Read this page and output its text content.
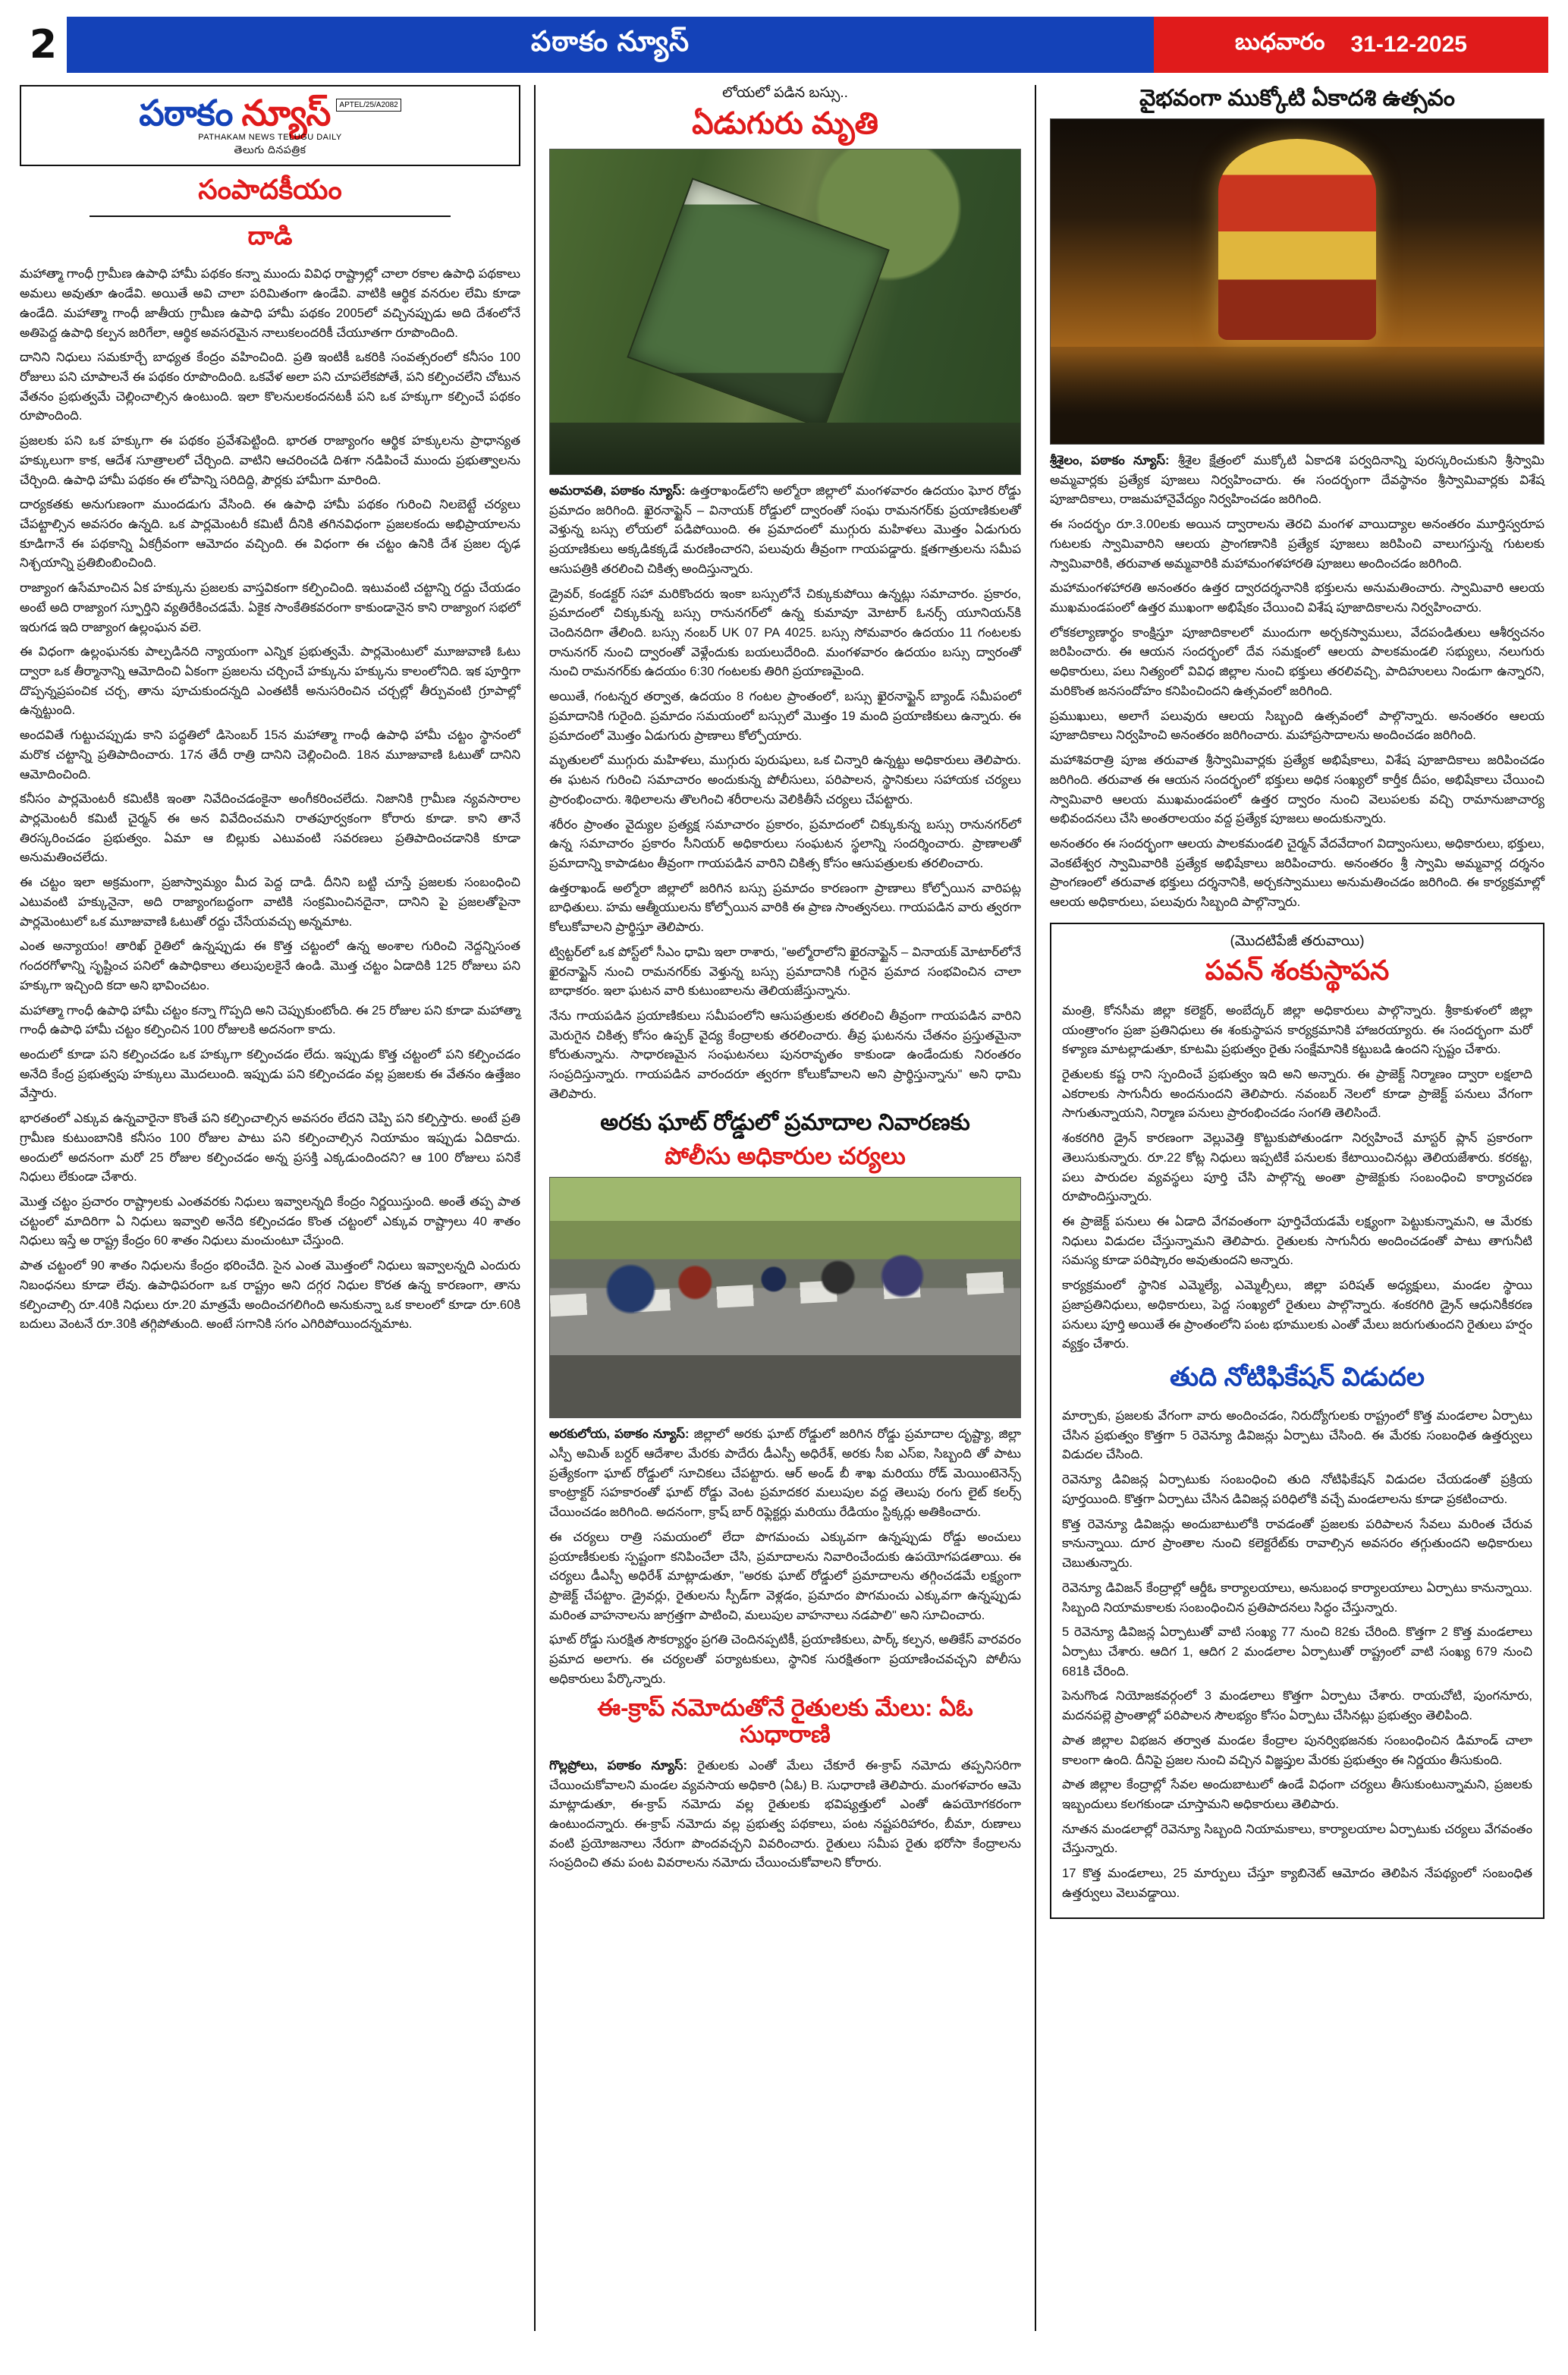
2	పఠాకం న్యూస్	బుధవారం 31-12-2025
పఠాకం న్యూస్	APTEL/25/A2082
PATHAKAM NEWS TELUGU DAILY
తెలుగు దినపత్రిక
సంపాదకీయం
దాడి

మహాత్మా గాంధీ గ్రామీణ ఉపాధి హామీ పథకం కన్నా ముందు వివిధ రాష్ట్రాల్లో చాలా రకాల ఉపాధి పథకాలు అమలు అవుతూ ఉండేవి. అయితే అవి చాలా పరిమితంగా ఉండేవి. వాటికి ఆర్థిక వనరుల లేమి కూడా ఉండేది. మహాత్మా గాంధీ జాతీయ గ్రామీణ ఉపాధి హామీ పథకం 2005లో వచ్చినప్పుడు అది దేశంలోనే అతిపెద్ద ఉపాధి కల్పన జరిగేలా, ఆర్థిక అవసరమైన నాలుకలందరికీ చేయూతగా రూపొందింది.

దానిని నిధులు సమకూర్చే బాధ్యత కేంద్రం వహించింది. ప్రతి ఇంటికీ ఒకరికి సంవత్సరంలో కనీసం 100 రోజులు పని చూపాలనే ఈ పథకం రూపొందింది. ఒకవేళ అలా పని చూపలేకపోతే, పని కల్పించలేని చోటున వేతనం ప్రభుత్వమే చెల్లించాల్సిన ఉంటుంది. ఇలా కొలనులకందనటకీ పని ఒక హక్కుగా కల్పించే పథకం రూపొందింది.

ప్రజలకు పని ఒక హక్కుగా ఈ పథకం ప్రవేశపెట్టింది. భారత రాజ్యాంగం ఆర్థిక హక్కులను ప్రాధాన్యత హక్కులుగా కాక, ఆదేశ సూత్రాలలో చేర్చింది. వాటిని ఆచరించడి దిశగా నడిపించే ముందు ప్రభుత్వాలను చేర్చింది. ఉపాధి హామీ పథకం ఈ లోపాన్ని సరిదిద్ది, పౌర్లకు హామీగా మారింది.

దార్యకతకు అనుగుణంగా ముందడుగు వేసింది. ఈ ఉపాధి హామీ పథకం గురించి నిలబెట్టే చర్యలు చేపట్టాల్సిన అవసరం ఉన్నది. ఒక పార్లమెంటరీ కమిటీ దీనికి తగినవిధంగా ప్రజలకందు అభిప్రాయాలను కూడిగానే ఈ పథకాన్ని ఏకగ్రీవంగా ఆమోదం వచ్చింది. ఈ విధంగా ఈ చట్టం ఉనికి దేశ ప్రజల దృఢ నిశ్చయాన్ని ప్రతిబింబించింది.

రాజ్యాంగ ఉసేమాంచిన ఏక హక్కును ప్రజలకు వాస్తవికంగా కల్పించింది. ఇటువంటి చట్టాన్ని రద్దు చేయడం అంటే అది రాజ్యాంగ స్ఫూర్తిని వ్యతిరేకించడమే. ఏకైక సాంకేతికవరంగా కాకుండానైన కాని రాజ్యాంగ సభలో ఇరుగడ ఇది రాజ్యాంగ ఉల్లంఘన వలె.

ఈ విధంగా ఉల్లంఘనకు పాల్పడినది న్యాయంగా ఎన్నిక ప్రభుత్వమే. పార్లమెంటులో మూజువాణి ఓటు ద్వారా ఒక తీర్మానాన్ని ఆమోదించి ఏకంగా ప్రజలను చర్చించే హక్కును హక్కును కాలంలోనిది. ఇక పూర్తిగా దొప్పన్నప్రపంచిక చర్చ, తాను పూచుకుందన్నది ఎంతటికీ అనుసరించిన చర్చల్లో తీర్పువంటి గ్రూపాల్లో ఉన్నట్టుంది.

అందవితే గుట్టుచప్పుడు కాని పద్ధతిలో డిసెంబర్ 15న మహాత్మా గాంధీ ఉపాధి హామీ చట్టం స్థానంలో మరొక చట్టాన్ని ప్రతిపాదించారు. 17న తేదీ రాత్రి దానిని చెల్లించింది. 18న మూజువాణి ఓటుతో దానిని ఆమోదించింది.

కనీసం పార్లమెంటరీ కమిటీకి ఇంతా నివేదించడంకైనా అంగీకరించలేదు. నిజానికి గ్రామీణ న్యవసారాల పార్లమెంటరీ కమిటీ చైర్మన్ ఈ అన వివేదించమని రాతపూర్వకంగా కోరారు కూడా. కాని తానే తిరస్కరించడం ప్రభుత్వం. ఏమా ఆ బిల్లుకు ఎటువంటి సవరణలు ప్రతిపాదించడానికి కూడా అనుమతించలేదు.

ఈ చట్టం ఇలా అక్రమంగా, ప్రజాస్వామ్యం మీద పెద్ద దాడి. దీనిని బట్టి చూస్తే ప్రజలకు సంబంధించి ఎటువంటి హక్కునైనా, అది రాజ్యాంగబద్ధంగా వాటికి సంక్రమించినదైనా, దానిని పై ప్రజలతోపైనా పార్లమెంటులో ఒక మూజువాణి ఓటుతో రద్దు చేసేయవచ్చు అన్నమాట.

ఎంత అన్యాయం! తారిఖ్ రైతిలో ఉన్నప్పుడు ఈ కొత్త చట్టంలో ఉన్న అంశాల గురించి నెద్దన్నిసంత గందరగోళాన్ని సృష్టించ పనిలో ఉపాధికాలు తలుపులకైనే ఉండి. మొత్త చట్టం ఏడాదికి 125 రోజులు పని హక్కుగా ఇచ్చింది కదా అని భావించటం.

మహాత్మా గాంధీ ఉపాధి హామీ చట్టం కన్నా గొప్పది అని చెప్పుకుంటోంది. ఈ 25 రోజుల పని కూడా మహాత్మా గాంధీ ఉపాధి హామీ చట్టం కల్పించిన 100 రోజులకి అదనంగా కాదు.

అందులో కూడా పని కల్పించడం ఒక హక్కుగా కల్పించడం లేదు. ఇప్పుడు కొత్త చట్టంలో పని కల్పించడం అనేది కేంద్ర ప్రభుత్వపు హక్కులు మొదలుంది. ఇప్పుడు పని కల్పించడం వల్ల ప్రజలకు ఈ వేతనం ఉత్తేజం వేస్తారు.

భారతంలో ఎక్కువ ఉన్నవారైనా కొంతే పని కల్పించాల్సిన అవసరం లేదని చెప్పి పని కల్పిస్తారు. అంటే ప్రతి గ్రామీణ కుటుంబానికి కనీసం 100 రోజుల పాటు పని కల్పించాల్సిన నియామం ఇప్పుడు ఏదికాదు. అందులో అదనంగా మరో 25 రోజుల కల్పించడం అన్న ప్రసక్తి ఎక్కడుందిందని? ఆ 100 రోజులు పనికే నిధులు లేకుండా చేశారు.

మొత్త చట్టం ప్రచారం రాష్ట్రాలకు ఎంతవరకు నిధులు ఇవ్వాలన్నది కేంద్రం నిర్ణయిస్తుంది. అంతే తప్ప పాత చట్టంలో మాదిరిగా ఏ నిధులు ఇవ్వాలి అనేది కల్పించడం కొంత చట్టంలో ఎక్కువ రాష్ట్రాలు 40 శాతం నిధులు ఇస్తే అ రాష్ట్ర కేంద్రం 60 శాతం నిధులు మంచుంటూ చేస్తుంది.

పాత చట్టంలో 90 శాతం నిధులను కేంద్రం భరించేది. సైన ఎంత మొత్తంలో నిధులు ఇవ్వాలన్నది ఎందురు నిబంధనలు కూడా లేవు. ఉపాధిపరంగా ఒక రాష్ట్రం అని దగ్గర నిధుల కొరత ఉన్న కారణంగా, తాను కల్పించాల్సి రూ.40కి నిధులు రూ.20 మాత్రమే అందించగలిగింది అనుకున్నా ఒక కాలంలో కూడా రూ.60కి బదులు వెంటనే రూ.30కి తగ్గిపోతుంది. అంటే సగానికి సగం ఎగిరిపోయిందన్నమాట.

లోయలో పడిన బస్సు..
ఏడుగురు మృతి

అమరావతి, పఠాకం న్యూస్: ఉత్తరాఖండ్‌లోని అల్మోరా జిల్లాలో మంగళవారం ఉదయం ఘోర రోడ్డు ప్రమాదం జరిగింది. ఖైరనాప్టైన్ – వినాయక్ రోడ్డులో ద్వారంతో సంఘ రామనగర్‌కు ప్రయాణికులతో వెళ్తున్న బస్సు లోయలో పడిపోయింది. ఈ ప్రమాదంలో ముగ్గురు మహిళలు మొత్తం ఏడుగురు ప్రయాణికులు అక్కడికక్కడే మరణించారని, పలువురు తీవ్రంగా గాయపడ్డారు. క్షతగాత్రులను సమీప ఆసుపత్రికి తరలించి చికిత్స అందిస్తున్నారు.

డ్రైవర్, కండక్టర్ సహా మరికొందరు ఇంకా బస్సులోనే చిక్కుకుపోయి ఉన్నట్లు సమాచారం. ప్రకారం, ప్రమాదంలో చిక్కుకున్న బస్సు రానునగర్‌లో ఉన్న కుమావూ మోటార్ ఓనర్స్ యూనియన్‌కి చెందినదిగా తేలింది. బస్సు నంబర్ UK 07 PA 4025. బస్సు సోమవారం ఉదయం 11 గంటలకు రానునగర్ నుంచి ద్వారంతో వెళ్లేందుకు బయలుదేరింది. మంగళవారం ఉదయం బస్సు ద్వారంతో నుంచి రామనగర్‌కు ఉదయం 6:30 గంటలకు తిరిగి ప్రయాణమైంది.

అయితే, గంటన్నర తర్వాత, ఉదయం 8 గంటల ప్రాంతంలో, బస్సు ఖైరనాప్టైన్ బ్యాండ్ సమీపంలో ప్రమాదానికి గురైంది. ప్రమాదం సమయంలో బస్సులో మొత్తం 19 మంది ప్రయాణికులు ఉన్నారు. ఈ ప్రమాదంలో మొత్తం ఏడుగురు ప్రాణాలు కోల్పోయారు.

మృతులలో ముగ్గురు మహిళలు, ముగ్గురు పురుషులు, ఒక చిన్నారి ఉన్నట్టు అధికారులు తెలిపారు. ఈ ఘటన గురించి సమాచారం అందుకున్న పోలీసులు, పరిపాలన, స్థానికులు సహాయక చర్యలు ప్రారంభించారు. శిథిలాలను తొలగించి శరీరాలను వెలికితీసే చర్యలు చేపట్టారు.

శరీరం ప్రాంతం వైద్యుల ప్రత్యక్ష సమాచారం ప్రకారం, ప్రమాదంలో చిక్కుకున్న బస్సు రానునగర్‌లో ఉన్న సమాచారం ప్రకారం సీనియర్ అధికారులు సంఘటన స్థలాన్ని సందర్శించారు. ప్రాణాలతో ప్రమాదాన్ని కాపాడటం తీవ్రంగా గాయపడిన వారిని చికిత్స కోసం ఆసుపత్రులకు తరలించారు.

ఉత్తరాఖండ్ అల్మోరా జిల్లాలో జరిగిన బస్సు ప్రమాదం కారణంగా ప్రాణాలు కోల్పోయిన వారిపట్ల బాధితులు. హమ ఆత్మీయులను కోల్పోయిన వారికి ఈ ప్రాణ సాంత్వనలు. గాయపడిన వారు త్వరగా కోలుకోవాలని ప్రార్థిస్తూ తెలిపారు.

ట్విట్టర్‌లో ఒక పోస్ట్‌లో సీఎం ధామి ఇలా రాశారు, "అల్మోరాలోని ఖైరనాప్టైన్ – వినాయక్ మోటార్‌లోనే ఖైరనాప్టైన్ నుంచి రామనగర్‌కు వెళ్తున్న బస్సు ప్రమాదానికి గురైన ప్రమాద సంభవించిన చాలా బాధాకరం. ఇలా ఘటన వారి కుటుంబాలను తెలియజేస్తున్నాను.

నేను గాయపడిన ప్రయాణికులు సమీపంలోని ఆసుపత్రులకు తరలించి తీవ్రంగా గాయపడిన వారిని మెరుగైన చికిత్స కోసం ఉప్పక్ వైద్య కేంద్రాలకు తరలించారు. తీవ్ర ఘటనను చేతనం ప్రస్తుతమైనా కోరుతున్నాను. సాధారణమైన సంఘటనలు పునరావృతం కాకుండా ఉండేందుకు నిరంతరం సంప్రదిస్తున్నారు. గాయపడిన వారందరూ త్వరగా కోలుకోవాలని అని ప్రార్థిస్తున్నాను" అని ధామి తెలిపారు.

అరకు ఘాట్ రోడ్డులో ప్రమాదాల నివారణకు
పోలీసు అధికారుల చర్యలు

అరకులోయ, పఠాకం న్యూస్: జిల్లాలో అరకు ఘాట్ రోడ్డులో జరిగిన రోడ్డు ప్రమాదాల దృష్ట్యా, జిల్లా ఎస్పీ అమిత్ బర్దర్ ఆదేశాల మేరకు పాదేరు డీఎస్పీ అధిరేశ్, అరకు సీఐ ఎస్ఐ, సిబ్బంది తో పాటు ప్రత్యేకంగా ఘాట్ రోడ్డులో సూచికలు చేపట్టారు. ఆర్ అండ్ బీ శాఖ మరియు రోడ్ మెయింటెనెన్స్ కాంట్రాక్టర్ సహకారంతో ఘాట్ రోడ్డు వెంట ప్రమాదకర మలుపుల వద్ద తెలుపు రంగు లైట్ కలర్స్ చేయించడం జరిగింది. అదనంగా, క్రాష్ బార్ రిఫ్లెక్టర్లు మరియు రేడియం స్టిక్కర్లు అతికించారు.

ఈ చర్యలు రాత్రి సమయంలో లేదా పొగమంచు ఎక్కువగా ఉన్నప్పుడు రోడ్డు అంచులు ప్రయాణీకులకు స్పష్టంగా కనిపించేలా చేసి, ప్రమాదాలను నివారించేందుకు ఉపయోగపడతాయి. ఈ చర్యలు డీఎస్పీ అధిరేశ్ మాట్లాడుతూ, "అరకు ఘాట్ రోడ్డులో ప్రమాదాలను తగ్గించడమే లక్ష్యంగా ప్రాజెక్ట్ చేపట్టాం. డ్రైవర్లు, రైతులను స్పీడ్‌గా వెళ్లడం, ప్రమాదం పొగమంచు ఎక్కువగా ఉన్నప్పుడు మరింత వాహనాలను జాగ్రత్తగా పాటించి, మలుపుల వాహనాలు నడపాలి" అని సూచించారు.

ఘాట్ రోడ్డు సురక్షిత సౌకర్యార్థం ప్రగతి చెందినప్పటికీ, ప్రయాణికులు, పార్క్ కల్పన, అతికేస్ వారవరం ప్రమాద అలాగు. ఈ చర్యలతో పర్యాటకులు, స్థానిక సురక్షితంగా ప్రయాణించవచ్చని పోలీసు అధికారులు పేర్కొన్నారు.

ఈ-క్రాప్ నమోదుతోనే రైతులకు మేలు: ఏఓ సుధారాణి

గొల్లప్రోలు, పఠాకం న్యూస్: రైతులకు ఎంతో మేలు చేకూరే ఈ-క్రాప్ నమోదు తప్పనిసరిగా చేయించుకోవాలని మండల వ్యవసాయ అధికారి (ఏఓ) B. సుధారాణి తెలిపారు. మంగళవారం ఆమె మాట్లాడుతూ, ఈ-క్రాప్ నమోదు వల్ల రైతులకు భవిష్యత్తులో ఎంతో ఉపయోగకరంగా ఉంటుందన్నారు. ఈ-క్రాప్ నమోదు వల్ల ప్రభుత్వ పథకాలు, పంట నష్టపరిహారం, బీమా, రుణాలు వంటి ప్రయోజనాలు నేరుగా పొందవచ్చని వివరించారు. రైతులు సమీప రైతు భరోసా కేంద్రాలను సంప్రదించి తమ పంట వివరాలను నమోదు చేయించుకోవాలని కోరారు.

వైభవంగా ముక్కోటి ఏకాదశి ఉత్సవం

శ్రీశైలం, పఠాకం న్యూస్: శ్రీశైల క్షేత్రంలో ముక్కోటి ఏకాదశి పర్వదినాన్ని పురస్కరించుకుని శ్రీస్వామి అమ్మవార్లకు ప్రత్యేక పూజలు నిర్వహించారు. ఈ సందర్భంగా దేవస్థానం శ్రీస్వామివార్లకు విశేష పూజాదికాలు, రాజమహానైవేద్యం నిర్వహించడం జరిగింది.

ఈ సందర్భం రూ.3.00లకు అయిన ద్వారాలను తెరచి మంగళ వాయిద్యాల అనంతరం మూర్తిస్వరూప గుటలకు స్వామివారిని ఆలయ ప్రాంగణానికి ప్రత్యేక పూజలు జరిపించి వాలుగస్తున్న గుటలకు స్వామివారికి, తరువాత అమ్మవారికి మహామంగళహారతి పూజలు అందించడం జరిగింది.

మహామంగళహారతి అనంతరం ఉత్తర ద్వారదర్శనానికి భక్తులను అనుమతించారు. స్వామివారి ఆలయ ముఖమండపంలో ఉత్తర ముఖంగా అభిషేకం చేయించి విశేష పూజాదికాలను నిర్వహించారు.

లోకకల్యాణార్థం కాంక్షిస్తూ పూజాదికాలలో ముందుగా అర్చకస్వాములు, వేదపండితులు ఆశీర్వచనం జరిపించారు. ఈ ఆయన సందర్భంలో దేవ సమక్షంలో ఆలయ పాలకమండలి సభ్యులు, నలుగురు అధికారులు, పలు నిత్యంలో వివిధ జిల్లాల నుంచి భక్తులు తరలివచ్చి, పాదిహులలు నిండుగా ఉన్నారని, మరికొంత జనసందోహం కనిపించిందని ఉత్సవంలో జరిగింది.

ప్రముఖులు, అలాగే పలువురు ఆలయ సిబ్బంది ఉత్సవంలో పాల్గొన్నారు. అనంతరం ఆలయ పూజాదికాలు నిర్వహించి అనంతరం జరిగించారు. మహాప్రసాదాలను అందించడం జరిగింది.

మహాశివరాత్రి పూజ తరువాత శ్రీస్వామివార్లకు ప్రత్యేక అభిషేకాలు, విశేష పూజాదికాలు జరిపించడం జరిగింది. తరువాత ఈ ఆయన సందర్భంలో భక్తులు అధిక సంఖ్యలో కార్తీక దీపం, అభిషేకాలు చేయించి స్వామివారి ఆలయ ముఖమండపంలో ఉత్తర ద్వారం నుంచి వెలుపలకు వచ్చి రామానుజాచార్య అభివందనలు చేసి అంతరాలయం వద్ద ప్రత్యేక పూజలు అందుకున్నారు.

అనంతరం ఈ సందర్భంగా ఆలయ పాలకమండలి చైర్మన్ వేదవేదాంగ విద్వాంసులు, అధికారులు, భక్తులు, వెంకటేశ్వర స్వామివారికి ప్రత్యేక అభిషేకాలు జరిపించారు. అనంతరం శ్రీ స్వామి అమ్మవార్ల దర్శనం ప్రాంగణంలో తరువాత భక్తులు దర్శనానికి, అర్చకస్వాములు అనుమతించడం జరిగింది. ఈ కార్యక్రమాల్లో ఆలయ అధికారులు, పలువురు సిబ్బంది పాల్గొన్నారు.

(మొదటిపేజీ తరువాయి)
పవన్ శంకుస్థాపన

మంత్రి, కోనసీమ జిల్లా కలెక్టర్, అంబేద్కర్ జిల్లా అధికారులు పాల్గొన్నారు. శ్రీకాకుళంలో జిల్లా యంత్రాంగం ప్రజా ప్రతినిధులు ఈ శంకుస్థాపన కార్యక్రమానికి హాజరయ్యారు. ఈ సందర్భంగా మరో కళ్యాణ మాటల్లాడుతూ, కూటమి ప్రభుత్వం రైతు సంక్షేమానికి కట్టుబడి ఉందని స్పష్టం చేశారు.

రైతులకు కష్ట రాని స్పందించే ప్రభుత్వం ఇది అని అన్నారు. ఈ ప్రాజెక్ట్ నిర్మాణం ద్వారా లక్షలాది ఎకరాలకు సాగునీరు అందనుందని తెలిపారు. నవంబర్ నెలలో కూడా ప్రాజెక్ట్ పనులు వేగంగా సాగుతున్నాయని, నిర్మాణ పనులు ప్రారంభించడం సంగతి తెలిసిందే.

శంకరగిరి డ్రైన్ కారణంగా వెల్లువెత్తి కొట్టుకుపోతుండగా నిర్వహించే మాస్టర్ ప్లాన్ ప్రకారంగా తెలుసుకున్నారు. రూ.22 కోట్ల నిధులు ఇప్పటికే పనులకు కేటాయించినట్లు తెలియజేశారు. కరకట్ట, పలు పారుదల వ్యవస్థలు పూర్తి చేసి పాల్గొన్న అంతా ప్రాజెక్టుకు సంబంధించి కార్యాచరణ రూపొందిస్తున్నారు.

ఈ ప్రాజెక్ట్ పనులు ఈ ఏడాది వేగవంతంగా పూర్తిచేయడమే లక్ష్యంగా పెట్టుకున్నామని, ఆ మేరకు నిధులు విడుదల చేస్తున్నామని తెలిపారు. రైతులకు సాగునీరు అందించడంతో పాటు తాగునీటి సమస్య కూడా పరిష్కారం అవుతుందని అన్నారు.

కార్యక్రమంలో స్థానిక ఎమ్మెల్యే, ఎమ్మెల్సీలు, జిల్లా పరిషత్ అధ్యక్షులు, మండల స్థాయి ప్రజాప్రతినిధులు, అధికారులు, పెద్ద సంఖ్యలో రైతులు పాల్గొన్నారు. శంకరగిరి డ్రైన్ ఆధునికీకరణ పనులు పూర్తి అయితే ఈ ప్రాంతంలోని పంట భూములకు ఎంతో మేలు జరుగుతుందని రైతులు హర్షం వ్యక్తం చేశారు.

తుది నోటిఫికేషన్ విడుదల

మార్చాకు, ప్రజలకు వేగంగా వారు అందించడం, నిరుద్యోగులకు రాష్ట్రంలో కొత్త మండలాల ఏర్పాటు చేసిన ప్రభుత్వం కొత్తగా 5 రెవెన్యూ డివిజన్లు ఏర్పాటు చేసింది. ఈ మేరకు సంబంధిత ఉత్తర్వులు విడుదల చేసింది.

రెవెన్యూ డివిజన్ల ఏర్పాటుకు సంబంధించి తుది నోటిఫికేషన్ విడుదల చేయడంతో ప్రక్రియ పూర్తయింది. కొత్తగా ఏర్పాటు చేసిన డివిజన్ల పరిధిలోకి వచ్చే మండలాలను కూడా ప్రకటించారు.

కొత్త రెవెన్యూ డివిజన్లు అందుబాటులోకి రావడంతో ప్రజలకు పరిపాలన సేవలు మరింత చేరువ కానున్నాయి. దూర ప్రాంతాల నుంచి కలెక్టరేట్‌కు రావాల్సిన అవసరం తగ్గుతుందని అధికారులు చెబుతున్నారు.

రెవెన్యూ డివిజన్ కేంద్రాల్లో ఆర్డీఓ కార్యాలయాలు, అనుబంధ కార్యాలయాలు ఏర్పాటు కానున్నాయి. సిబ్బంది నియామకాలకు సంబంధించిన ప్రతిపాదనలు సిద్ధం చేస్తున్నారు.

5 రెవెన్యూ డివిజన్ల ఏర్పాటుతో వాటి సంఖ్య 77 నుంచి 82కు చేరింది. కొత్తగా 2 కొత్త మండలాలు ఏర్పాటు చేశారు. ఆదిగ 1, ఆదిగ 2 మండలాల ఏర్పాటుతో రాష్ట్రంలో వాటి సంఖ్య 679 నుంచి 681కి చేరింది.

పెనుగొండ నియోజకవర్గంలో 3 మండలాలు కొత్తగా ఏర్పాటు చేశారు. రాయచోటి, పుంగనూరు, మదనపల్లె ప్రాంతాల్లో పరిపాలన సౌలభ్యం కోసం ఏర్పాటు చేసినట్లు ప్రభుత్వం తెలిపింది.

పాత జిల్లాల విభజన తర్వాత మండల కేంద్రాల పునర్విభజనకు సంబంధించిన డిమాండ్ చాలా కాలంగా ఉంది. దీనిపై ప్రజల నుంచి వచ్చిన విజ్ఞప్తుల మేరకు ప్రభుత్వం ఈ నిర్ణయం తీసుకుంది.

పాత జిల్లాల కేంద్రాల్లో సేవల అందుబాటులో ఉండే విధంగా చర్యలు తీసుకుంటున్నామని, ప్రజలకు ఇబ్బందులు కలగకుండా చూస్తామని అధికారులు తెలిపారు.

నూతన మండలాల్లో రెవెన్యూ సిబ్బంది నియామకాలు, కార్యాలయాల ఏర్పాటుకు చర్యలు వేగవంతం చేస్తున్నారు.

17 కొత్త మండలాలు, 25 మార్పులు చేస్తూ క్యాబినెట్ ఆమోదం తెలిపిన నేపథ్యంలో సంబంధిత ఉత్తర్వులు వెలువడ్డాయి.
